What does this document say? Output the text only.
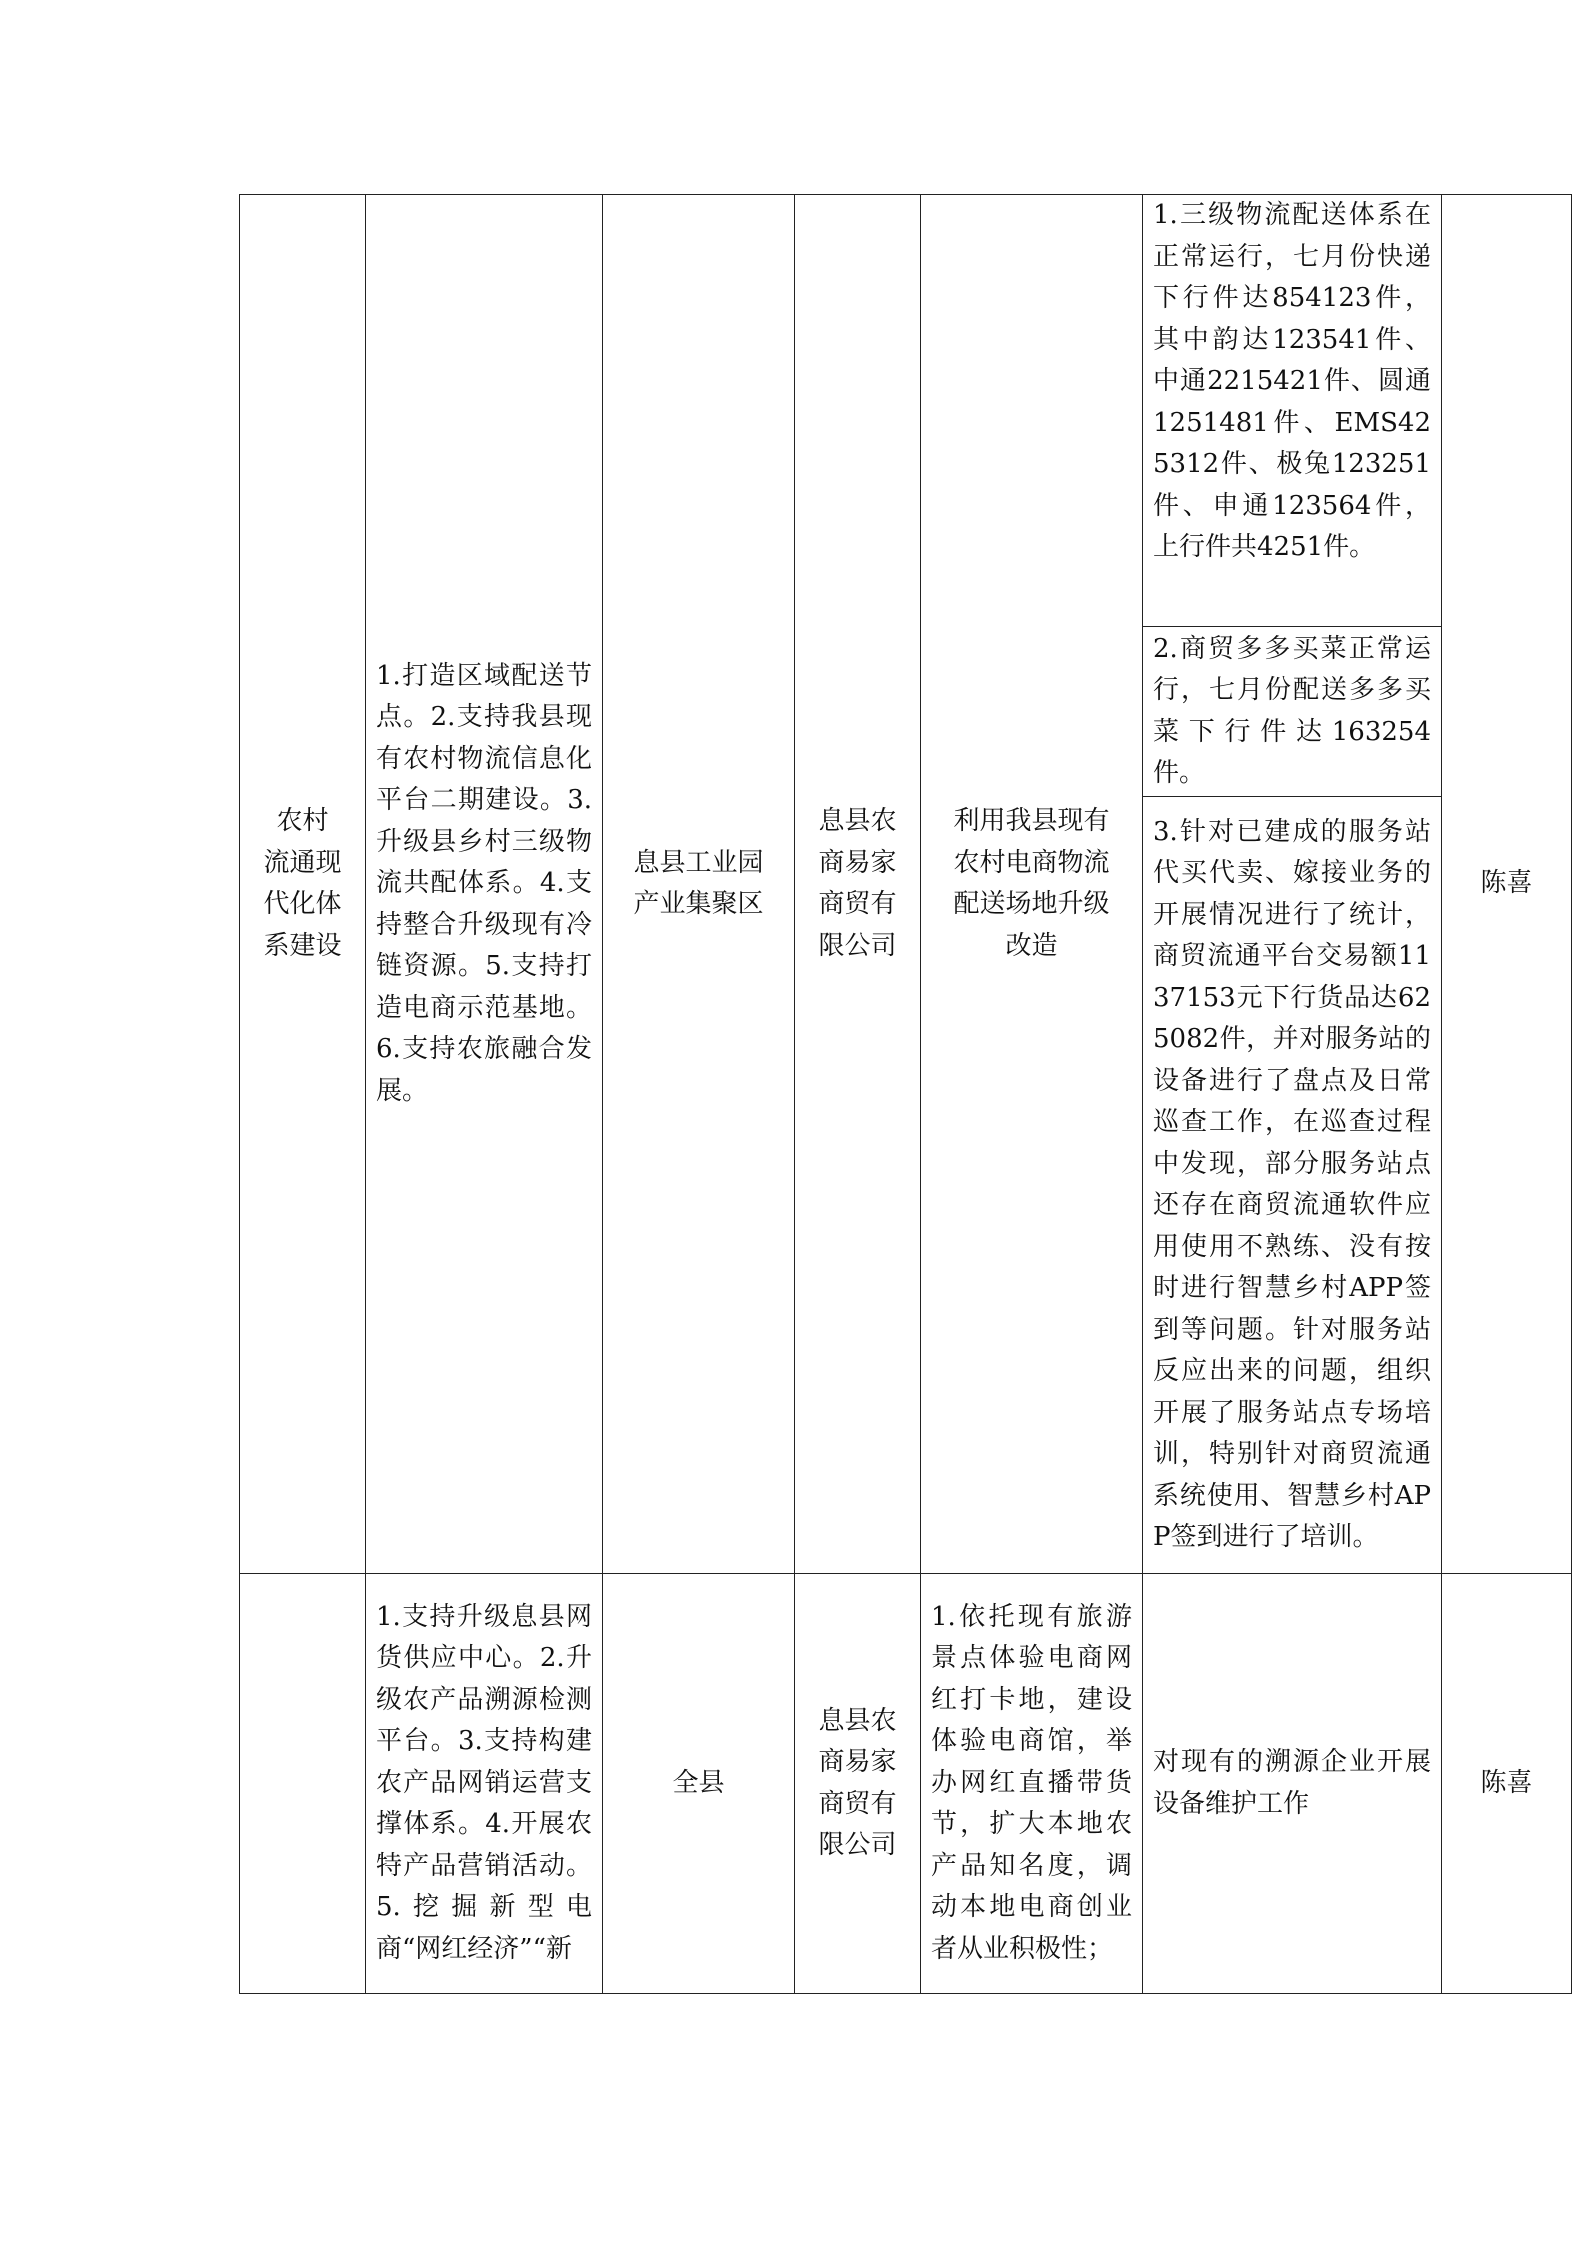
农村
流通现
代化体
系建设	1.打造区域配送节点。2.支持我县现有农村物流信息化平台二期建设。3.升级县乡村三级物流共配体系。4.支持整合升级现有冷链资源。5.支持打造电商示范基地。6.支持农旅融合发展。	息县工业园
产业集聚区	息县农
商易家
商贸有
限公司	利用我县现有
农村电商物流
配送场地升级
改造	1.三级物流配送体系在正常运行，七月份快递下行件达854123件，其中韵达123541件、中通2215421件、圆通1251481件、EMS425312件、极兔123251件、申通123564件，上行件共4251件。	陈喜
					2.商贸多多买菜正常运行，七月份配送多多买菜下行件达163254件。	
					3.针对已建成的服务站代买代卖、嫁接业务的开展情况进行了统计，商贸流通平台交易额1137153元下行货品达625082件，并对服务站的设备进行了盘点及日常巡查工作，在巡查过程中发现，部分服务站点还存在商贸流通软件应用使用不熟练、没有按时进行智慧乡村APP签到等问题。针对服务站反应出来的问题，组织开展了服务站点专场培训，特别针对商贸流通系统使用、智慧乡村APP签到进行了培训。	
	1.支持升级息县网货供应中心。2.升级农产品溯源检测平台。3.支持构建农产品网销运营支撑体系。4.开展农特产品营销活动。5.挖掘新型电商“网红经济”“新	全县	息县农
商易家
商贸有
限公司	1.依托现有旅游景点体验电商网红打卡地，建设体验电商馆，举办网红直播带货节，扩大本地农产品知名度，调动本地电商创业者从业积极性；	对现有的溯源企业开展设备维护工作	陈喜
